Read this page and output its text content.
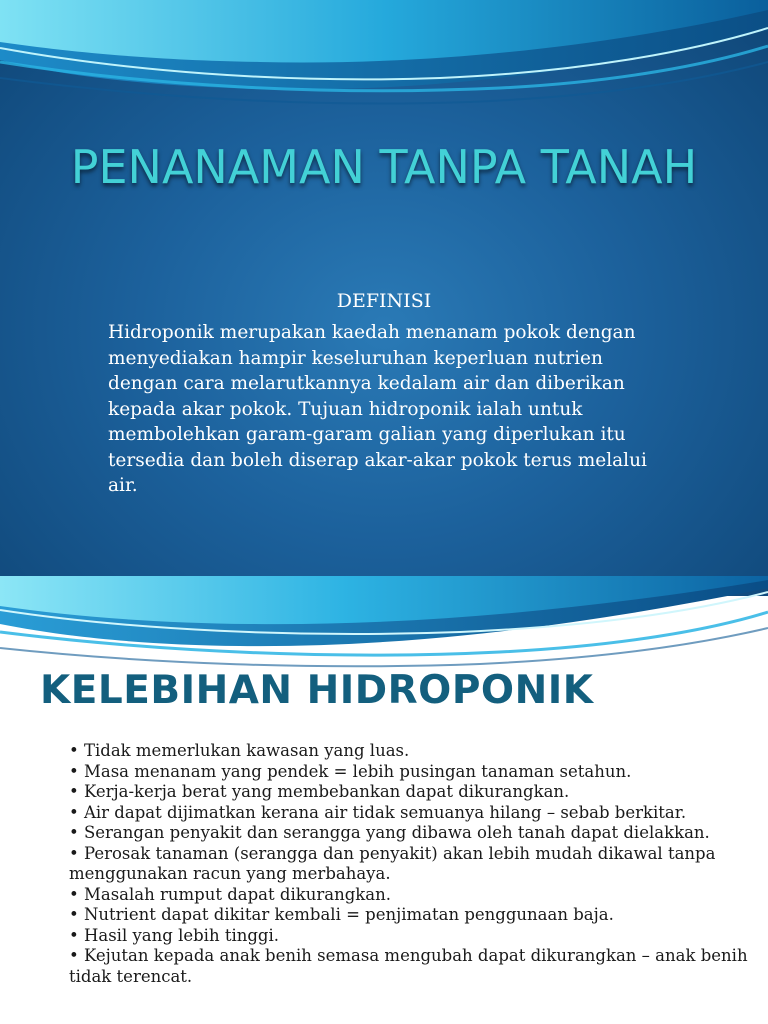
PENANAMAN TANPA TANAH

DEFINISI

Hidroponik merupakan kaedah menanam pokok dengan menyediakan hampir keseluruhan keperluan nutrien dengan cara melarutkannya kedalam air dan diberikan kepada akar pokok. Tujuan hidroponik ialah untuk membolehkan garam-garam galian yang diperlukan itu tersedia dan boleh diserap akar-akar pokok terus melalui air.

KELEBIHAN HIDROPONIK
• Tidak memerlukan kawasan yang luas.
• Masa menanam yang pendek = lebih pusingan tanaman setahun.
• Kerja-kerja berat yang membebankan dapat dikurangkan.
• Air dapat dijimatkan kerana air tidak semuanya hilang – sebab berkitar.
• Serangan penyakit dan serangga yang dibawa oleh tanah dapat dielakkan.
• Perosak tanaman (serangga dan penyakit) akan lebih mudah dikawal tanpa menggunakan racun yang merbahaya.
• Masalah rumput dapat dikurangkan.
• Nutrient dapat dikitar kembali = penjimatan penggunaan baja.
• Hasil yang lebih tinggi.
• Kejutan kepada anak benih semasa mengubah dapat dikurangkan – anak benih tidak terencat.
